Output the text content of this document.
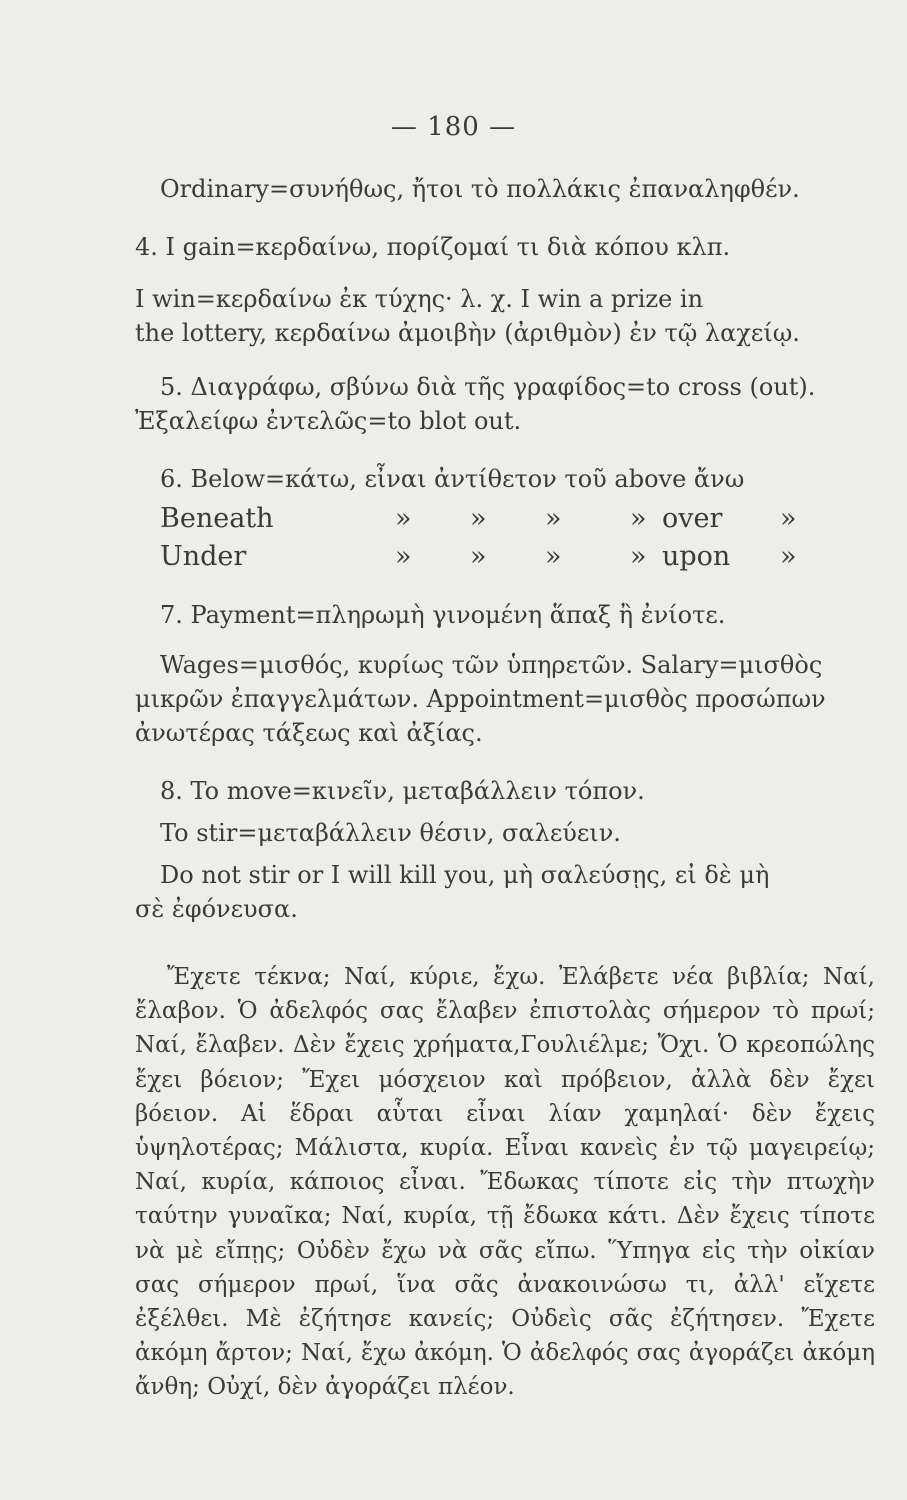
— 180 —
Ordinary=συνήθως, ἤτοι τὸ πολλάκις ἐπαναληφθέν.
4. I gain=κερδαίνω, πορίζομαί τι διὰ κόπου κλπ.
I win=κερδαίνω ἐκ τύχης· λ. χ. I win a prize in
the lottery, κερδαίνω ἀμοιβὴν (ἀριθμὸν) ἐν τῷ λαχείῳ.
5. Διαγράφω, σβύνω διὰ τῆς γραφίδος=to cross (out).
Ἐξαλείφω ἐντελῶς=to blot out.
6. Below=κάτω, εἶναι ἀντίθετον τοῦ above ἄνω
Beneath	» » »	» over »
Under	» » »	» upon »
7. Payment=πληρωμὴ γινομένη ἅπαξ ἢ ἐνίοτε.
Wages=μισθός, κυρίως τῶν ὑπηρετῶν. Salary=μισθὸς
μικρῶν ἐπαγγελμάτων. Appointment=μισθὸς προσώπων
ἀνωτέρας τάξεως καὶ ἀξίας.
8. To move=κινεῖν, μεταβάλλειν τόπον.
To stir=μεταβάλλειν θέσιν, σαλεύειν.
Do not stir or I will kill you, μὴ σαλεύσῃς, εἰ δὲ μὴ
σὲ ἐφόνευσα.

Ἔχετε τέκνα; Ναί, κύριε, ἔχω. Ἐλάβετε νέα βιβλία; Ναί, ἔλαβον. Ὁ ἀδελφός σας ἔλαβεν ἐπιστολὰς σήμερον τὸ πρωί; Ναί, ἔλαβεν. Δὲν ἔχεις χρήματα,Γουλιέλμε; Ὄχι. Ὁ κρεοπώλης ἔχει βόειον; Ἔχει μόσχειον καὶ πρόβειον, ἀλλὰ δὲν ἔχει βόειον. Αἱ ἕδραι αὗται εἶναι λίαν χαμηλαί· δὲν ἔχεις ὑψηλοτέρας; Μάλιστα, κυρία. Εἶναι κανεὶς ἐν τῷ μαγειρείῳ; Ναί, κυρία, κάποιος εἶναι. Ἔδωκας τίποτε εἰς τὴν πτωχὴν ταύτην γυναῖκα; Ναί, κυρία, τῇ ἔδωκα κάτι. Δὲν ἔχεις τίποτε νὰ μὲ εἴπῃς; Οὐδὲν ἔχω νὰ σᾶς εἴπω. Ὕπηγα εἰς τὴν οἰκίαν σας σήμερον πρωί, ἵνα σᾶς ἀνακοινώσω τι, ἀλλ' εἴχετε ἐξέλθει. Μὲ ἐζήτησε κανείς; Οὐδεὶς σᾶς ἐζήτησεν. Ἔχετε ἀκόμη ἄρτον; Ναί, ἔχω ἀκόμη. Ὁ ἀδελφός σας ἀγοράζει ἀκόμη ἄνθη; Οὐχί, δὲν ἀγοράζει πλέον.
